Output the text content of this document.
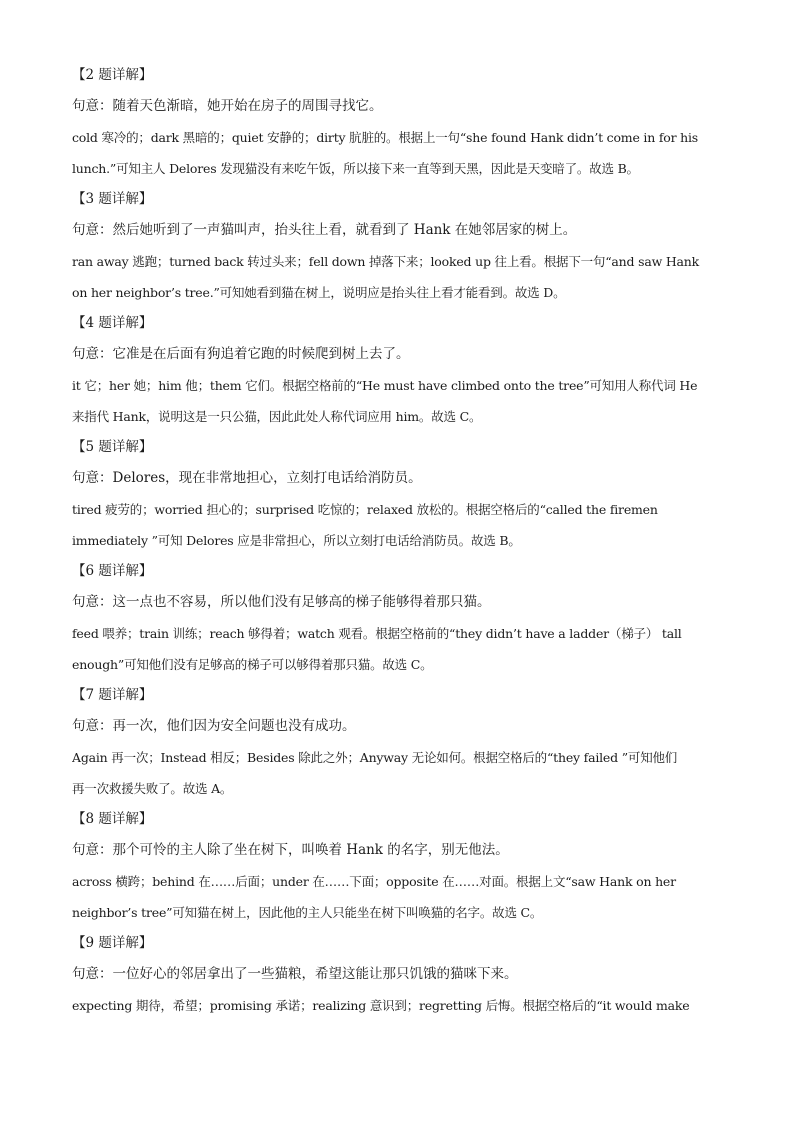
【2 题详解】
句意：随着天色渐暗，她开始在房子的周围寻找它。
cold 寒冷的；dark 黑暗的；quiet 安静的；dirty 肮脏的。根据上一句“she found Hank didn’t come in for his
lunch.”可知主人 Delores 发现猫没有来吃午饭，所以接下来一直等到天黑，因此是天变暗了。故选 B。
【3 题详解】
句意：然后她听到了一声猫叫声，抬头往上看，就看到了 Hank 在她邻居家的树上。
ran away 逃跑；turned back 转过头来；fell down 掉落下来；looked up 往上看。根据下一句“and saw Hank
on her neighbor’s tree.”可知她看到猫在树上，说明应是抬头往上看才能看到。故选 D。
【4 题详解】
句意：它准是在后面有狗追着它跑的时候爬到树上去了。
it 它；her 她；him 他；them 它们。根据空格前的“He must have climbed onto the tree”可知用人称代词 He
来指代 Hank，说明这是一只公猫，因此此处人称代词应用 him。故选 C。
【5 题详解】
句意：Delores，现在非常地担心，立刻打电话给消防员。
tired 疲劳的；worried 担心的；surprised 吃惊的；relaxed 放松的。根据空格后的“called the firemen
immediately ”可知 Delores 应是非常担心，所以立刻打电话给消防员。故选 B。
【6 题详解】
句意：这一点也不容易，所以他们没有足够高的梯子能够得着那只猫。
feed 喂养；train 训练；reach 够得着；watch 观看。根据空格前的“they didn’t have a ladder（梯子） tall
enough”可知他们没有足够高的梯子可以够得着那只猫。故选 C。
【7 题详解】
句意：再一次，他们因为安全问题也没有成功。
Again 再一次；Instead 相反；Besides 除此之外；Anyway 无论如何。根据空格后的“they failed ”可知他们
再一次救援失败了。故选 A。
【8 题详解】
句意：那个可怜的主人除了坐在树下，叫唤着 Hank 的名字，别无他法。
across 横跨；behind 在……后面；under 在……下面；opposite 在……对面。根据上文“saw Hank on her
neighbor’s tree”可知猫在树上，因此他的主人只能坐在树下叫唤猫的名字。故选 C。
【9 题详解】
句意：一位好心的邻居拿出了一些猫粮，希望这能让那只饥饿的猫咪下来。
expecting 期待，希望；promising 承诺；realizing 意识到；regretting 后悔。根据空格后的“it would make
